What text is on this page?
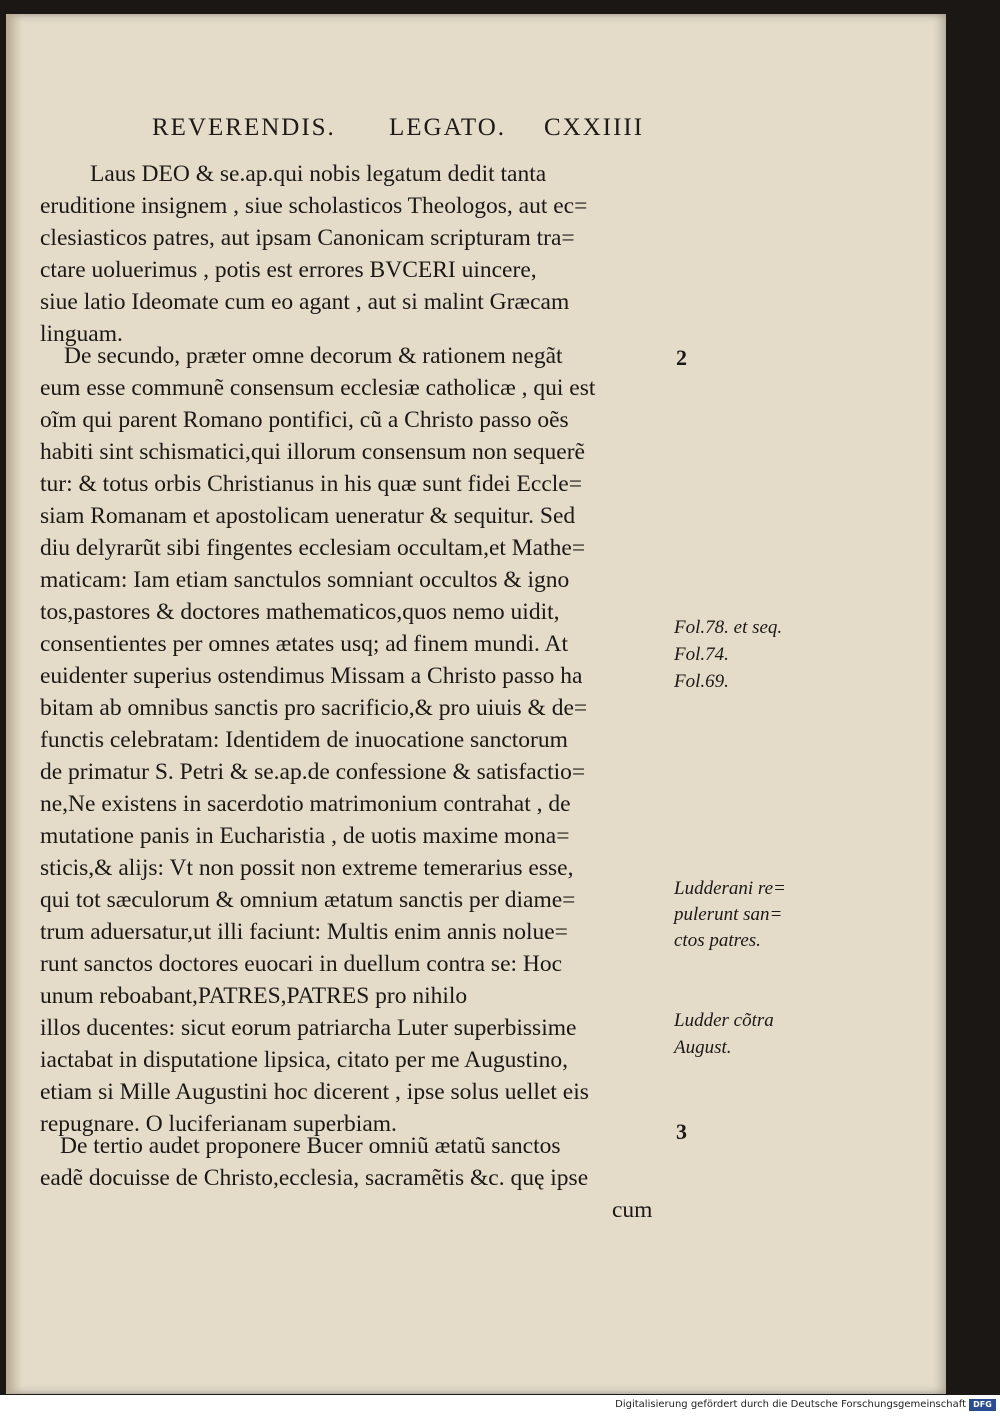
REVERENDIS. LEGATO. CXXIIII
Laus DEO & se.ap.qui nobis legatum dedit tanta
eruditione insignem , siue scholasticos Theologos, aut ec=
clesiasticos patres, aut ipsam Canonicam scripturam tra=
ctare uoluerimus , potis est errores BVCERI uincere,
siue latio Ideomate cum eo agant , aut si malint Græcam
linguam.
De secundo, præter omne decorum & rationem negãt
eum esse communẽ consensum ecclesiæ catholicæ , qui est
oĩm qui parent Romano pontifici, cũ a Christo passo oẽs
habiti sint schismatici,qui illorum consensum non sequerẽ
tur: & totus orbis Christianus in his quæ sunt fidei Eccle=
siam Romanam et apostolicam ueneratur & sequitur. Sed
diu delyrarũt sibi fingentes ecclesiam occultam,et Mathe=
maticam: Iam etiam sanctulos somniant occultos & igno
tos,pastores & doctores mathematicos,quos nemo uidit,
consentientes per omnes ætates usq; ad finem mundi. At
euidenter superius ostendimus Missam a Christo passo ha
bitam ab omnibus sanctis pro sacrificio,& pro uiuis & de=
functis celebratam: Identidem de inuocatione sanctorum
de primatur S. Petri & se.ap.de confessione & satisfactio=
ne,Ne existens in sacerdotio matrimonium contrahat , de
mutatione panis in Eucharistia , de uotis maxime mona=
sticis,& alijs: Vt non possit non extreme temerarius esse,
qui tot sæculorum & omnium ætatum sanctis per diame=
trum aduersatur,ut illi faciunt: Multis enim annis nolue=
runt sanctos doctores euocari in duellum contra se: Hoc
unum reboabant,PATRES,PATRES pro nihilo
illos ducentes: sicut eorum patriarcha Luter superbissime
iactabat in disputatione lipsica, citato per me Augustino,
etiam si Mille Augustini hoc dicerent , ipse solus uellet eis
repugnare. O luciferianam superbiam.
De tertio audet proponere Bucer omniũ ætatũ sanctos
eadẽ docuisse de Christo,ecclesia, sacramẽtis &c. quę ipse
cum
2
Fol.78. et seq.
Fol.74.
Fol.69.
Ludderani re=
pulerunt san=
ctos patres.
Ludder cõtra
August.
3
Digitalisierung gefördert durch die Deutsche Forschungsgemeinschaft DFG
